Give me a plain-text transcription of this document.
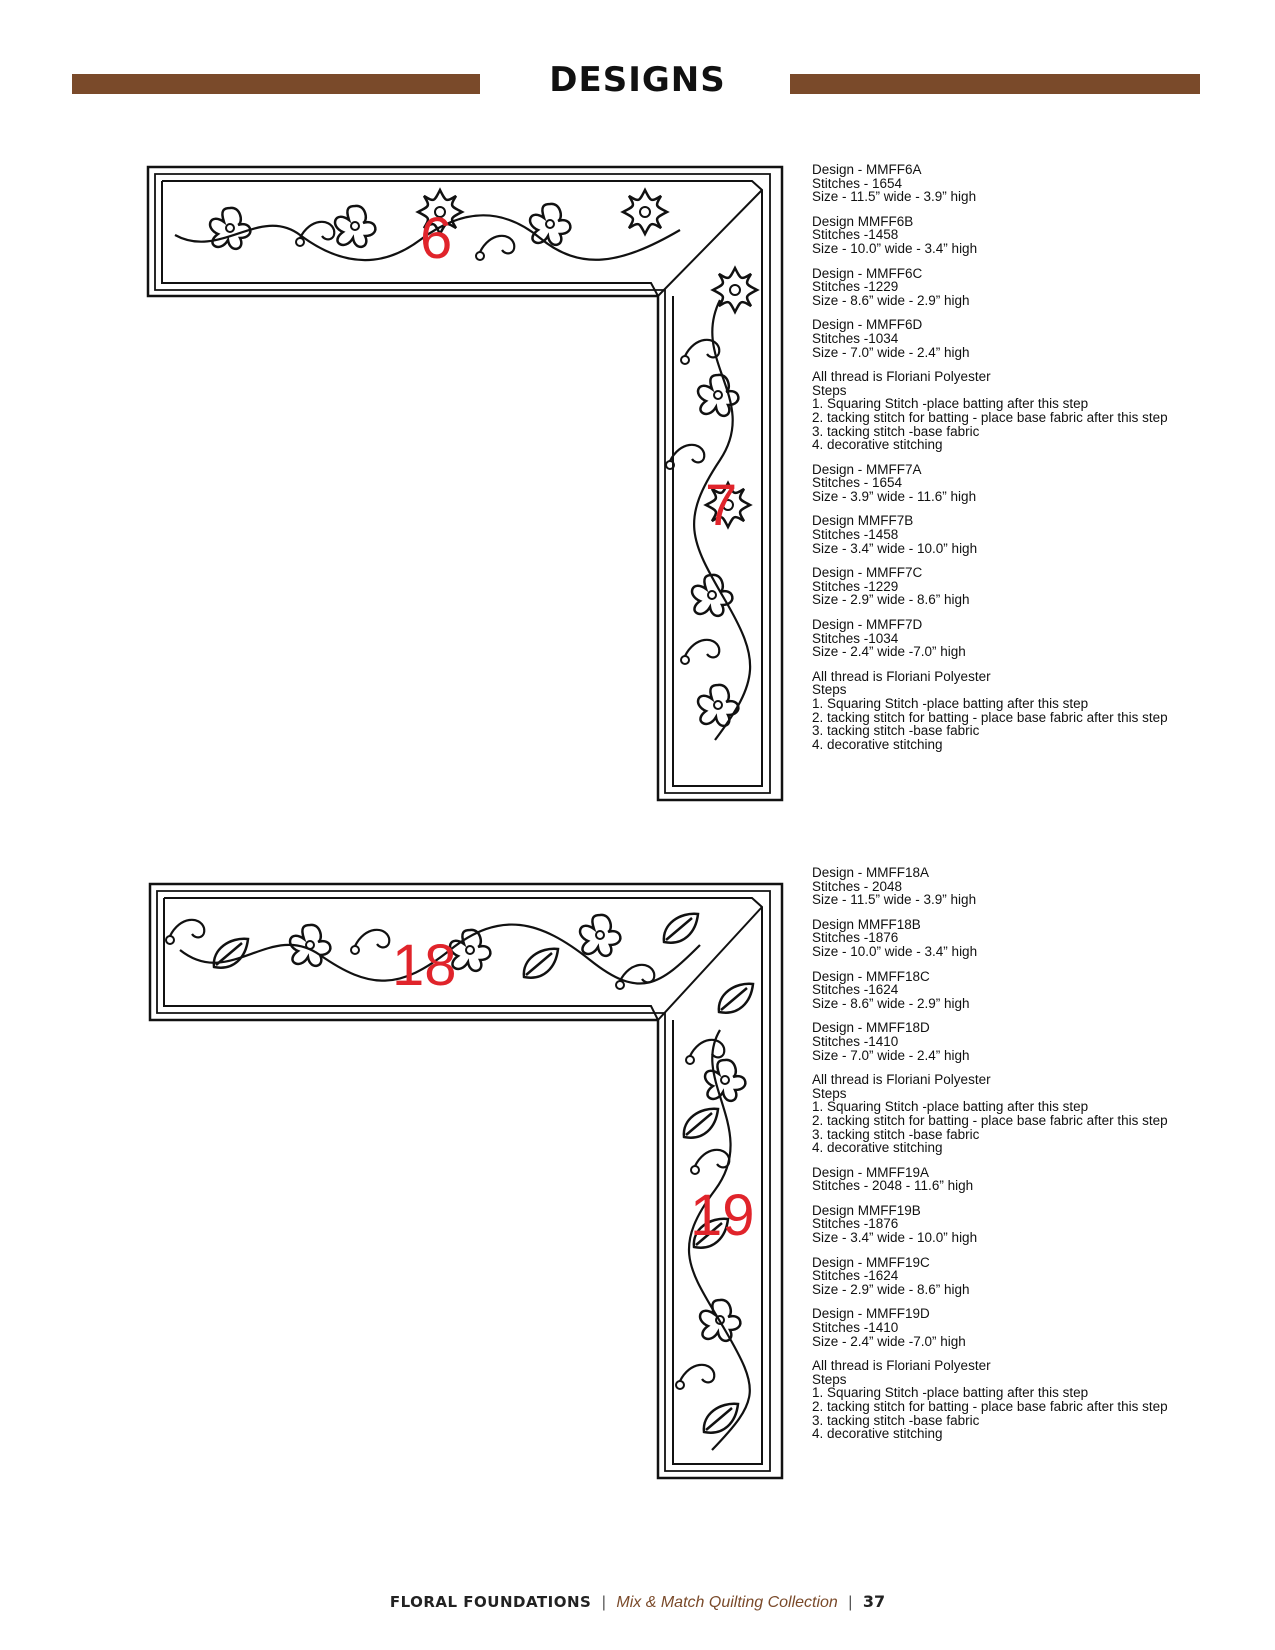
DESIGNS
6
7
18
19
Design - MMFF6A
Stitches - 1654
Size - 11.5” wide - 3.9” high
Design MMFF6B
Stitches -1458
Size - 10.0” wide - 3.4” high
Design - MMFF6C
Stitches -1229
Size - 8.6” wide - 2.9” high
Design - MMFF6D
Stitches -1034
Size - 7.0” wide - 2.4” high
All thread is Floriani Polyester
Steps
1. Squaring Stitch -place batting after this step
2. tacking stitch for batting - place base fabric after this step
3. tacking stitch -base fabric
4. decorative stitching
Design - MMFF7A
Stitches - 1654
Size - 3.9” wide - 11.6” high
Design MMFF7B
Stitches -1458
Size - 3.4” wide - 10.0” high
Design - MMFF7C
Stitches -1229
Size - 2.9” wide - 8.6” high
Design - MMFF7D
Stitches -1034
Size - 2.4” wide -7.0” high
All thread is Floriani Polyester
Steps
1. Squaring Stitch -place batting after this step
2. tacking stitch for batting - place base fabric after this step
3. tacking stitch -base fabric
4. decorative stitching
Design - MMFF18A
Stitches - 2048
Size - 11.5” wide - 3.9” high
Design MMFF18B
Stitches -1876
Size - 10.0” wide - 3.4” high
Design - MMFF18C
Stitches -1624
Size - 8.6” wide - 2.9” high
Design - MMFF18D
Stitches -1410
Size - 7.0” wide - 2.4” high
All thread is Floriani Polyester
Steps
1. Squaring Stitch -place batting after this step
2. tacking stitch for batting - place base fabric after this step
3. tacking stitch -base fabric
4. decorative stitching
Design - MMFF19A
Stitches - 2048 - 11.6” high
Design MMFF19B
Stitches -1876
Size - 3.4” wide - 10.0” high
Design - MMFF19C
Stitches -1624
Size - 2.9” wide - 8.6” high
Design - MMFF19D
Stitches -1410
Size - 2.4” wide -7.0” high
All thread is Floriani Polyester
Steps
1. Squaring Stitch -place batting after this step
2. tacking stitch for batting - place base fabric after this step
3. tacking stitch -base fabric
4. decorative stitching
FLORAL FOUNDATIONS | Mix & Match Quilting Collection | 37
